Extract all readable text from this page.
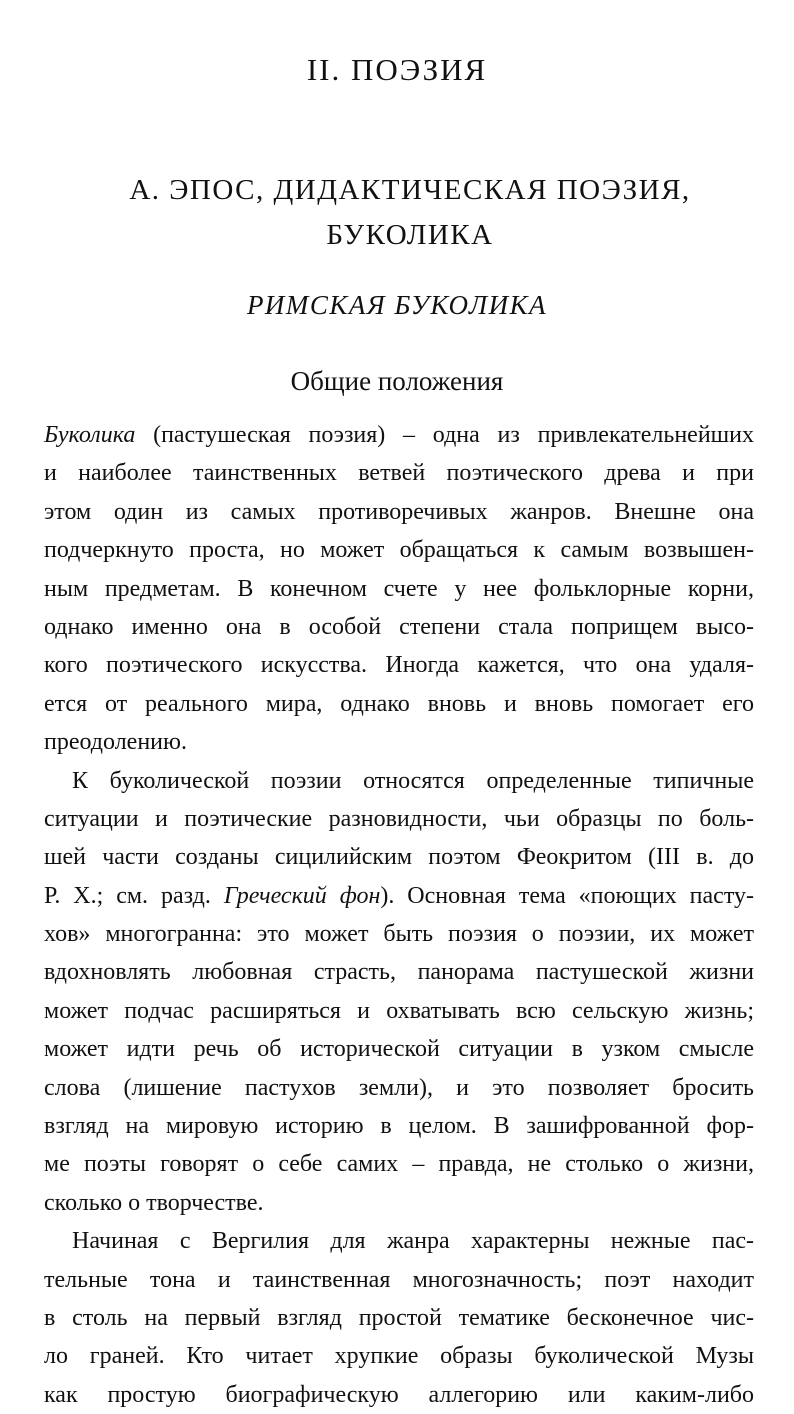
II. ПОЭЗИЯ
А. ЭПОС, ДИДАКТИЧЕСКАЯ ПОЭЗИЯ,
БУКОЛИКА
РИМСКАЯ БУКОЛИКА
Общие положения
Буколика (пастушеская поэзия) – одна из привлекательнейших
и наиболее таинственных ветвей поэтического древа и при
этом один из самых противоречивых жанров. Внешне она
подчеркнуто проста, но может обращаться к самым возвышен-
ным предметам. В конечном счете у нее фольклорные корни,
однако именно она в особой степени стала поприщем высо-
кого поэтического искусства. Иногда кажется, что она удаля-
ется от реального мира, однако вновь и вновь помогает его
преодолению.
К буколической поэзии относятся определенные типичные
ситуации и поэтические разновидности, чьи образцы по боль-
шей части созданы сицилийским поэтом Феокритом (III в. до
Р. Х.; см. разд. Греческий фон). Основная тема «поющих пасту-
хов» многогранна: это может быть поэзия о поэзии, их может
вдохновлять любовная страсть, панорама пастушеской жизни
может подчас расширяться и охватывать всю сельскую жизнь;
может идти речь об исторической ситуации в узком смысле
слова (лишение пастухов земли), и это позволяет бросить
взгляд на мировую историю в целом. В зашифрованной фор-
ме поэты говорят о себе самих – правда, не столько о жизни,
сколько о творчестве.
Начиная с Вергилия для жанра характерны нежные пас-
тельные тона и таинственная многозначность; поэт находит
в столь на первый взгляд простой тематике бесконечное чис-
ло граней. Кто читает хрупкие образы буколической Музы
как простую биографическую аллегорию или каким-либо
